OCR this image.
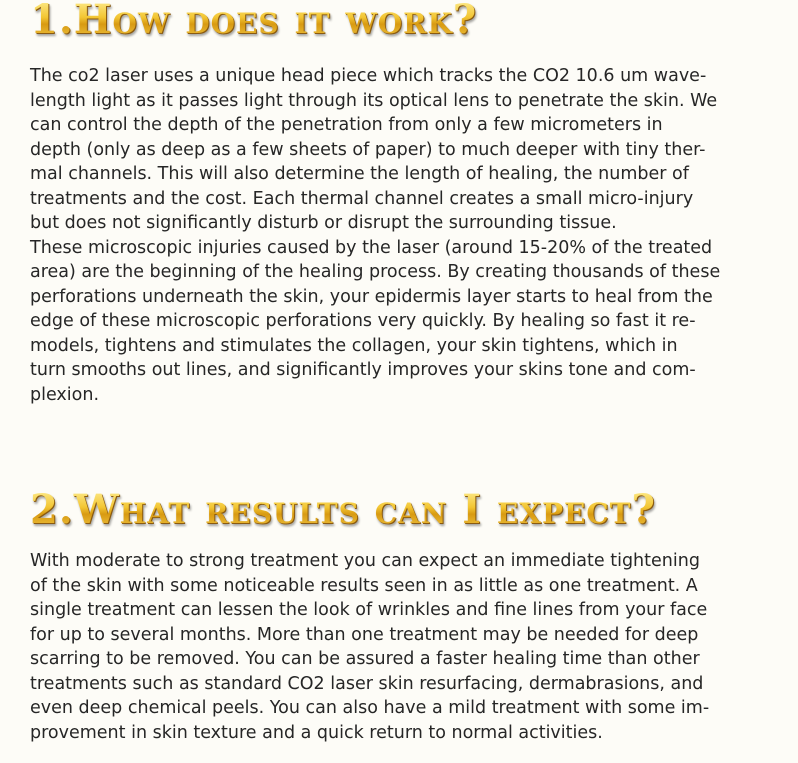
1.How does it work?
The co2 laser uses a unique head piece which tracks the CO2 10.6 um wave-
length light as it passes light through its optical lens to penetrate the skin. We
can control the depth of the penetration from only a few micrometers in
depth (only as deep as a few sheets of paper) to much deeper with tiny ther-
mal channels. This will also determine the length of healing, the number of
treatments and the cost. Each thermal channel creates a small micro-injury
but does not significantly disturb or disrupt the surrounding tissue.
These microscopic injuries caused by the laser (around 15-20% of the treated
area) are the beginning of the healing process. By creating thousands of these
perforations underneath the skin, your epidermis layer starts to heal from the
edge of these microscopic perforations very quickly. By healing so fast it re-
models, tightens and stimulates the collagen, your skin tightens, which in
turn smooths out lines, and significantly improves your skins tone and com-
plexion.
2.What results can I expect?
With moderate to strong treatment you can expect an immediate tightening
of the skin with some noticeable results seen in as little as one treatment. A
single treatment can lessen the look of wrinkles and fine lines from your face
for up to several months. More than one treatment may be needed for deep
scarring to be removed. You can be assured a faster healing time than other
treatments such as standard CO2 laser skin resurfacing, dermabrasions, and
even deep chemical peels. You can also have a mild treatment with some im-
provement in skin texture and a quick return to normal activities.
